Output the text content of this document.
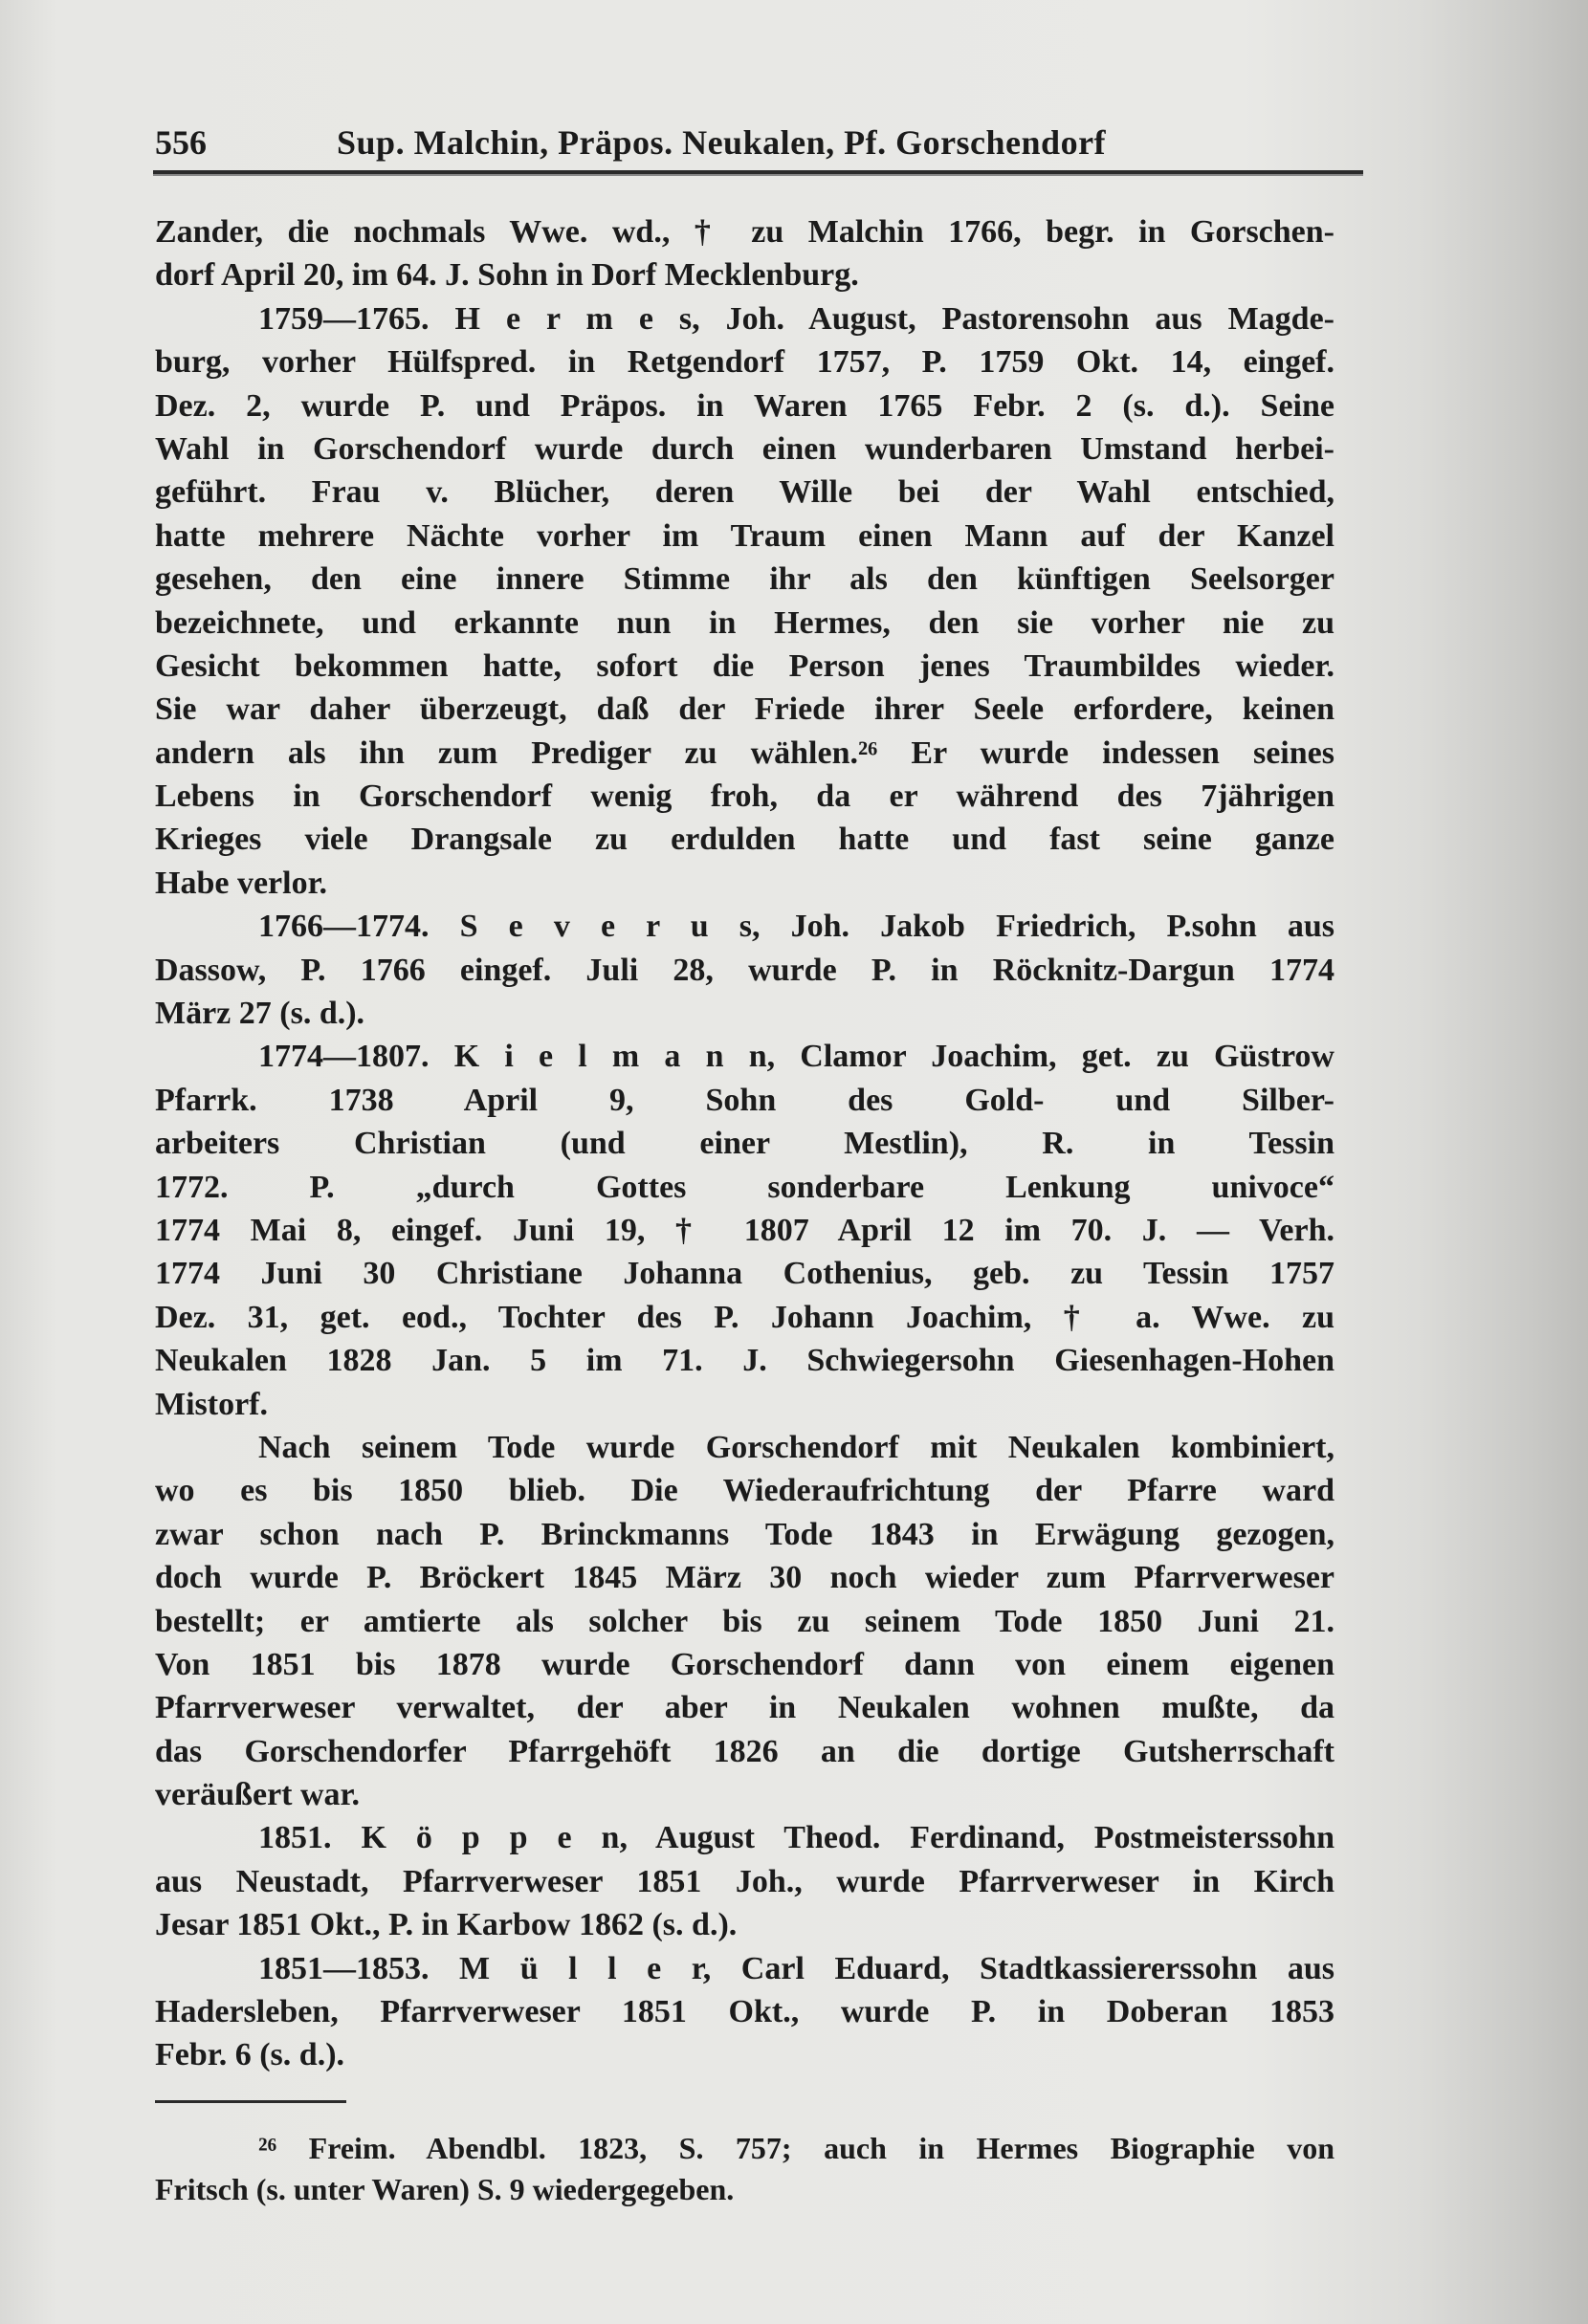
556	Sup. Malchin, Präpos. Neukalen, Pf. Gorschendorf
Zander, die nochmals Wwe. wd., † zu Malchin 1766, begr. in Gorschen-
dorf April 20, im 64. J. Sohn in Dorf Mecklenburg.
1759—1765. H e r m e s, Joh. August, Pastorensohn aus Magde-
burg, vorher Hülfspred. in Retgendorf 1757, P. 1759 Okt. 14, eingef.
Dez. 2, wurde P. und Präpos. in Waren 1765 Febr. 2 (s. d.). Seine
Wahl in Gorschendorf wurde durch einen wunderbaren Umstand herbei-
geführt. Frau v. Blücher, deren Wille bei der Wahl entschied,
hatte mehrere Nächte vorher im Traum einen Mann auf der Kanzel
gesehen, den eine innere Stimme ihr als den künftigen Seelsorger
bezeichnete, und erkannte nun in Hermes, den sie vorher nie zu
Gesicht bekommen hatte, sofort die Person jenes Traumbildes wieder.
Sie war daher überzeugt, daß der Friede ihrer Seele erfordere, keinen
andern als ihn zum Prediger zu wählen.²⁶ Er wurde indessen seines
Lebens in Gorschendorf wenig froh, da er während des 7jährigen
Krieges viele Drangsale zu erdulden hatte und fast seine ganze
Habe verlor.
1766—1774. S e v e r u s, Joh. Jakob Friedrich, P.sohn aus
Dassow, P. 1766 eingef. Juli 28, wurde P. in Röcknitz-Dargun 1774
März 27 (s. d.).
1774—1807. K i e l m a n n, Clamor Joachim, get. zu Güstrow
Pfarrk. 1738 April 9, Sohn des Gold- und Silber-
arbeiters Christian (und einer Mestlin), R. in Tessin
1772. P. „durch Gottes sonderbare Lenkung univoce“
1774 Mai 8, eingef. Juni 19, † 1807 April 12 im 70. J. — Verh.
1774 Juni 30 Christiane Johanna Cothenius, geb. zu Tessin 1757
Dez. 31, get. eod., Tochter des P. Johann Joachim, † a. Wwe. zu
Neukalen 1828 Jan. 5 im 71. J. Schwiegersohn Giesenhagen-Hohen
Mistorf.
Nach seinem Tode wurde Gorschendorf mit Neukalen kombiniert,
wo es bis 1850 blieb. Die Wiederaufrichtung der Pfarre ward
zwar schon nach P. Brinckmanns Tode 1843 in Erwägung gezogen,
doch wurde P. Bröckert 1845 März 30 noch wieder zum Pfarrverweser
bestellt; er amtierte als solcher bis zu seinem Tode 1850 Juni 21.
Von 1851 bis 1878 wurde Gorschendorf dann von einem eigenen
Pfarrverweser verwaltet, der aber in Neukalen wohnen mußte, da
das Gorschendorfer Pfarrgehöft 1826 an die dortige Gutsherrschaft
veräußert war.
1851. K ö p p e n, August Theod. Ferdinand, Postmeisterssohn
aus Neustadt, Pfarrverweser 1851 Joh., wurde Pfarrverweser in Kirch
Jesar 1851 Okt., P. in Karbow 1862 (s. d.).
1851—1853. M ü l l e r, Carl Eduard, Stadtkassiererssohn aus
Hadersleben, Pfarrverweser 1851 Okt., wurde P. in Doberan 1853
Febr. 6 (s. d.).
²⁶ Freim. Abendbl. 1823, S. 757; auch in Hermes Biographie von
Fritsch (s. unter Waren) S. 9 wiedergegeben.
